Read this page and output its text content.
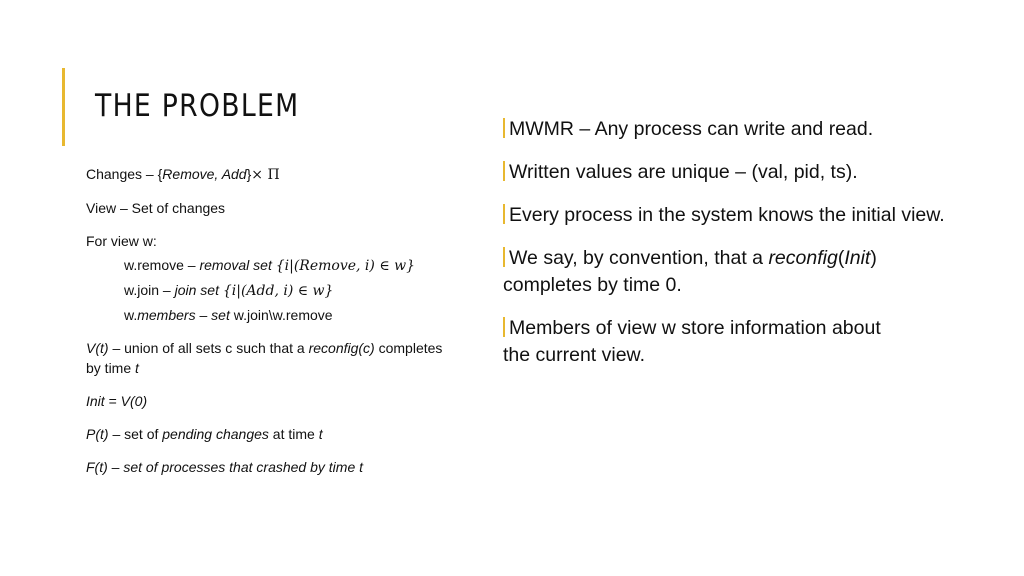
THE PROBLEM

Changes – {Remove, Add}× Π

View – Set of changes

For view w:

w.remove – removal set {i|(Remove, i) ∈ w}

w.join – join set {i|(Add, i) ∈ w}

w.members – set w.join\w.remove

V(t) – union of all sets c such that a reconfig(c) completes by time t

Init = V(0)

P(t) – set of pending changes at time t

F(t) – set of processes that crashed by time t

MWMR – Any process can write and read.

Written values are unique – (val, pid, ts).

Every process in the system knows the initial view.

We say, by convention, that a reconfig(Init) completes by time 0.

Members of view w store information about the current view.
